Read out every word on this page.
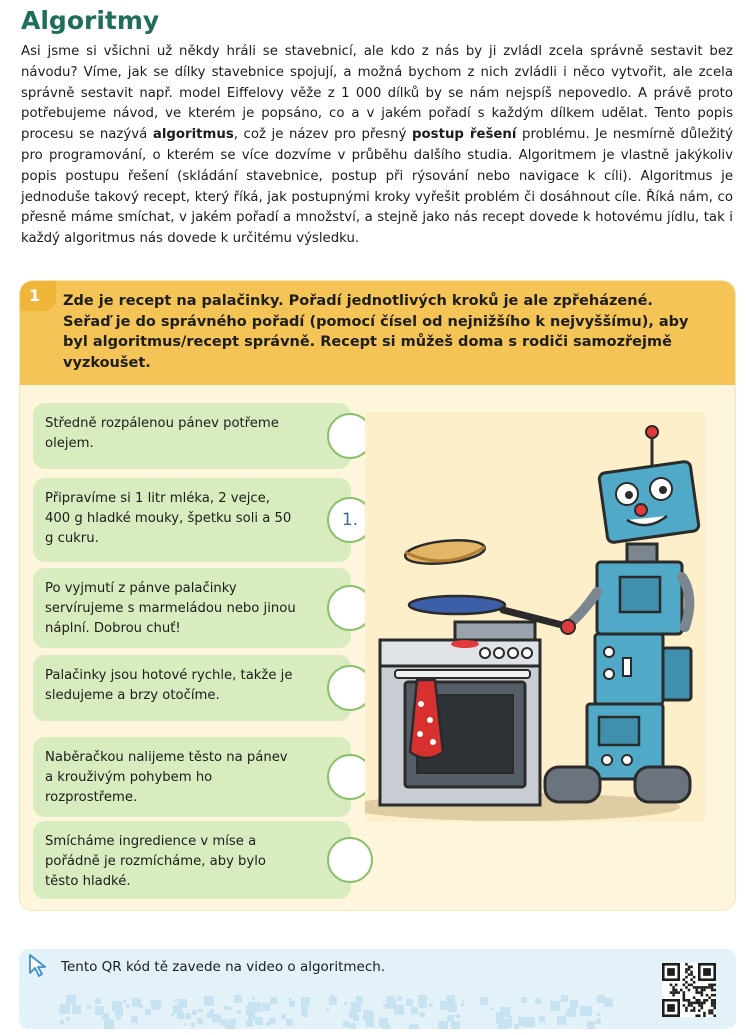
Algoritmy

Asi jsme si všichni už někdy hráli se stavebnicí, ale kdo z nás by ji zvládl zcela správně sestavit bez návodu? Víme, jak se dílky stavebnice spojují, a možná bychom z nich zvládli i něco vytvořit, ale zcela správně sestavit např. model Eiffelovy věže z 1 000 dílků by se nám nejspíš nepovedlo. A právě proto potřebujeme návod, ve kterém je popsáno, co a v jakém pořadí s každým dílkem udělat. Tento popis procesu se nazývá algoritmus, což je název pro přesný postup řešení problému. Je nesmírně důležitý pro programování, o kterém se více dozvíme v průběhu dalšího studia. Algoritmem je vlastně jakýkoliv popis postupu řešení (skládání stavebnice, postup při rýsování nebo navigace k cíli). Algoritmus je jednoduše takový recept, který říká, jak postupnými kroky vyřešit problém či dosáhnout cíle. Říká nám, co přesně máme smíchat, v jakém pořadí a množství, a stejně jako nás recept dovede k hotovému jídlu, tak i každý algoritmus nás dovede k určitému výsledku.

1	Zde je recept na palačinky. Pořadí jednotlivých kroků je ale zpřeházené. Seřaď je do správného pořadí (pomocí čísel od nejnižšího k nejvyššímu), aby byl algoritmus/recept správně. Recept si můžeš doma s rodiči samozřejmě vyzkoušet.
Středně rozpálenou pánev potřeme olejem.
Připravíme si 1 litr mléka, 2 vejce, 400 g hladké mouky, špetku soli a 50 g cukru.
1.
Po vyjmutí z pánve palačinky servírujeme s marmeládou nebo jinou náplní. Dobrou chuť!
Palačinky jsou hotové rychle, takže je sledujeme a brzy otočíme.
Naběračkou nalijeme těsto na pánev a krouživým pohybem ho rozprostřeme.
Smícháme ingredience v míse a pořádně je rozmícháme, aby bylo těsto hladké.
Tento QR kód tě zavede na video o algoritmech.
